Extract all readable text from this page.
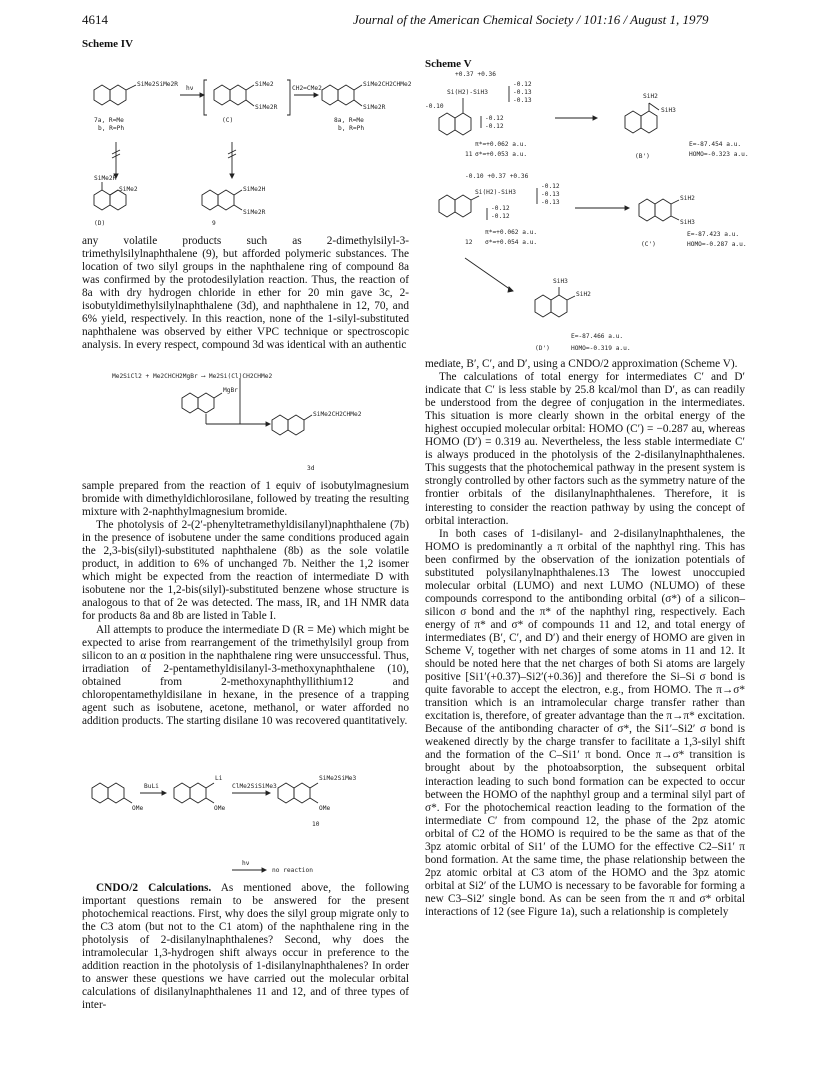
4614	Journal of the American Chemical Society / 101:16 / August 1, 1979
Scheme IV
SiMe2SiMe2R
hν
SiMe2
SiMe2R
CH2=CMe2
SiMe2CH2CHMe2
SiMe2R
7a, R=Me
b, R=Ph
(C)	8a, R=Me
b, R=Ph
SiMe2R
SiMe2
(D)
SiMe2H
SiMe2R
9

any volatile products such as 2-dimethylsilyl-3-trimethylsilylnaphthalene (9), but afforded polymeric substances. The location of two silyl groups in the naphthalene ring of compound 8a was confirmed by the protodesilylation reaction. Thus, the reaction of 8a with dry hydrogen chloride in ether for 20 min gave 3c, 2-isobutyldimethylsilylnaphthalene (3d), and naphthalene in 12, 70, and 6% yield, respectively. In this reaction, none of the 1-silyl-substituted naphthalene was observed by either VPC technique or spectroscopic analysis. In every respect, compound 3d was identical with an authentic

Me2SiCl2 + Me2CHCH2MgBr ⟶ Me2Si(Cl)CH2CHMe2
MgBr
SiMe2CH2CHMe2
3d

sample prepared from the reaction of 1 equiv of isobutylmagnesium bromide with dimethyldichlorosilane, followed by treating the resulting mixture with 2-naphthylmagnesium bromide.

The photolysis of 2-(2′-phenyltetramethyldisilanyl)naphthalene (7b) in the presence of isobutene under the same conditions produced again the 2,3-bis(silyl)-substituted naphthalene (8b) as the sole volatile product, in addition to 6% of unchanged 7b. Neither the 1,2 isomer which might be expected from the reaction of intermediate D with isobutene nor the 1,2-bis(silyl)-substituted benzene whose structure is analogous to that of 2e was detected. The mass, IR, and 1H NMR data for products 8a and 8b are listed in Table I.

All attempts to produce the intermediate D (R = Me) which might be expected to arise from rearrangement of the trimethylsilyl group from silicon to an α position in the naphthalene ring were unsuccessful. Thus, irradiation of 2-pentamethyldisilanyl-3-methoxynaphthalene (10), obtained from 2-methoxynaphthyllithium12 and chloropentamethyldisilane in hexane, in the presence of a trapping agent such as isobutene, acetone, methanol, or water afforded no addition products. The starting disilane 10 was recovered quantitatively.

BuLi
OMe
Li
OMe
ClMe2SiSiMe3
SiMe2SiMe3
OMe
10
hν
no reaction

CNDO/2 Calculations. As mentioned above, the following important questions remain to be answered for the present photochemical reactions. First, why does the silyl group migrate only to the C3 atom (but not to the C1 atom) of the naphthalene ring in the photolysis of 2-disilanylnaphthalenes? Second, why does the intramolecular 1,3-hydrogen shift always occur in preference to the addition reaction in the photolysis of 1-disilanylnaphthalenes? In order to answer these questions we have carried out the molecular orbital calculations of disilanylnaphthalenes 11 and 12, and of three types of inter-

Scheme V
+0.37 +0.36
Si(H2)-SiH3
-0.12
-0.13
-0.13
-0.10
-0.12
-0.12
π*=+0.062 a.u.
σ*=+0.053 a.u.
11
SiH2
SiH3
(B')
E=-87.454 a.u.
HOMO=-0.323 a.u.
-0.10 +0.37 +0.36
Si(H2)-SiH3
-0.12
-0.13
-0.13
-0.12
-0.12
π*=+0.062 a.u.
σ*=+0.054 a.u.
12
SiH2
SiH3
(C')
E=-87.423 a.u.
HOMO=-0.287 a.u.
SiH3
SiH2
(D')
E=-87.466 a.u.
HOMO=-0.319 a.u.

mediate, B′, C′, and D′, using a CNDO/2 approximation (Scheme V).

The calculations of total energy for intermediates C′ and D′ indicate that C′ is less stable by 25.8 kcal/mol than D′, as can readily be understood from the degree of conjugation in the intermediates. This situation is more clearly shown in the orbital energy of the highest occupied molecular orbital: HOMO (C′) = −0.287 au, whereas HOMO (D′) = 0.319 au. Nevertheless, the less stable intermediate C′ is always produced in the photolysis of the 2-disilanylnaphthalenes. This suggests that the photochemical pathway in the present system is strongly controlled by other factors such as the symmetry nature of the frontier orbitals of the disilanylnaphthalenes. Therefore, it is interesting to consider the reaction pathway by using the concept of orbital interaction.

In both cases of 1-disilanyl- and 2-disilanylnaphthalenes, the HOMO is predominantly a π orbital of the naphthyl ring. This has been confirmed by the observation of the ionization potentials of substituted polysilanylnaphthalenes.13 The lowest unoccupied molecular orbital (LUMO) and next LUMO (NLUMO) of these compounds correspond to the antibonding orbital (σ*) of a silicon–silicon σ bond and the π* of the naphthyl ring, respectively. Each energy of π* and σ* of compounds 11 and 12, and total energy of intermediates (B′, C′, and D′) and their energy of HOMO are given in Scheme V, together with net charges of some atoms in 11 and 12. It should be noted here that the net charges of both Si atoms are largely positive [Si1′(+0.37)–Si2′(+0.36)] and therefore the Si–Si σ bond is quite favorable to accept the electron, e.g., from HOMO. The π→σ* transition which is an intramolecular charge transfer rather than excitation is, therefore, of greater advantage than the π→π* excitation. Because of the antibonding character of σ*, the Si1′–Si2′ σ bond is weakened directly by the charge transfer to facilitate a 1,3-silyl shift and the formation of the C–Si1′ π bond. Once π→σ* transition is brought about by the photoabsorption, the subsequent orbital interaction leading to such bond formation can be expected to occur between the HOMO of the naphthyl group and a terminal silyl part of σ*. For the photochemical reaction leading to the formation of the intermediate C′ from compound 12, the phase of the 2pz atomic orbital of C2 of the HOMO is required to be the same as that of the 3pz atomic orbital of Si1′ of the LUMO for the effective C2–Si1′ π bond formation. At the same time, the phase relationship between the 2pz atomic orbital at C3 atom of the HOMO and the 3pz atomic orbital at Si2′ of the LUMO is necessary to be favorable for forming a new C3–Si2′ single bond. As can be seen from the π and σ* orbital interactions of 12 (see Figure 1a), such a relationship is completely
